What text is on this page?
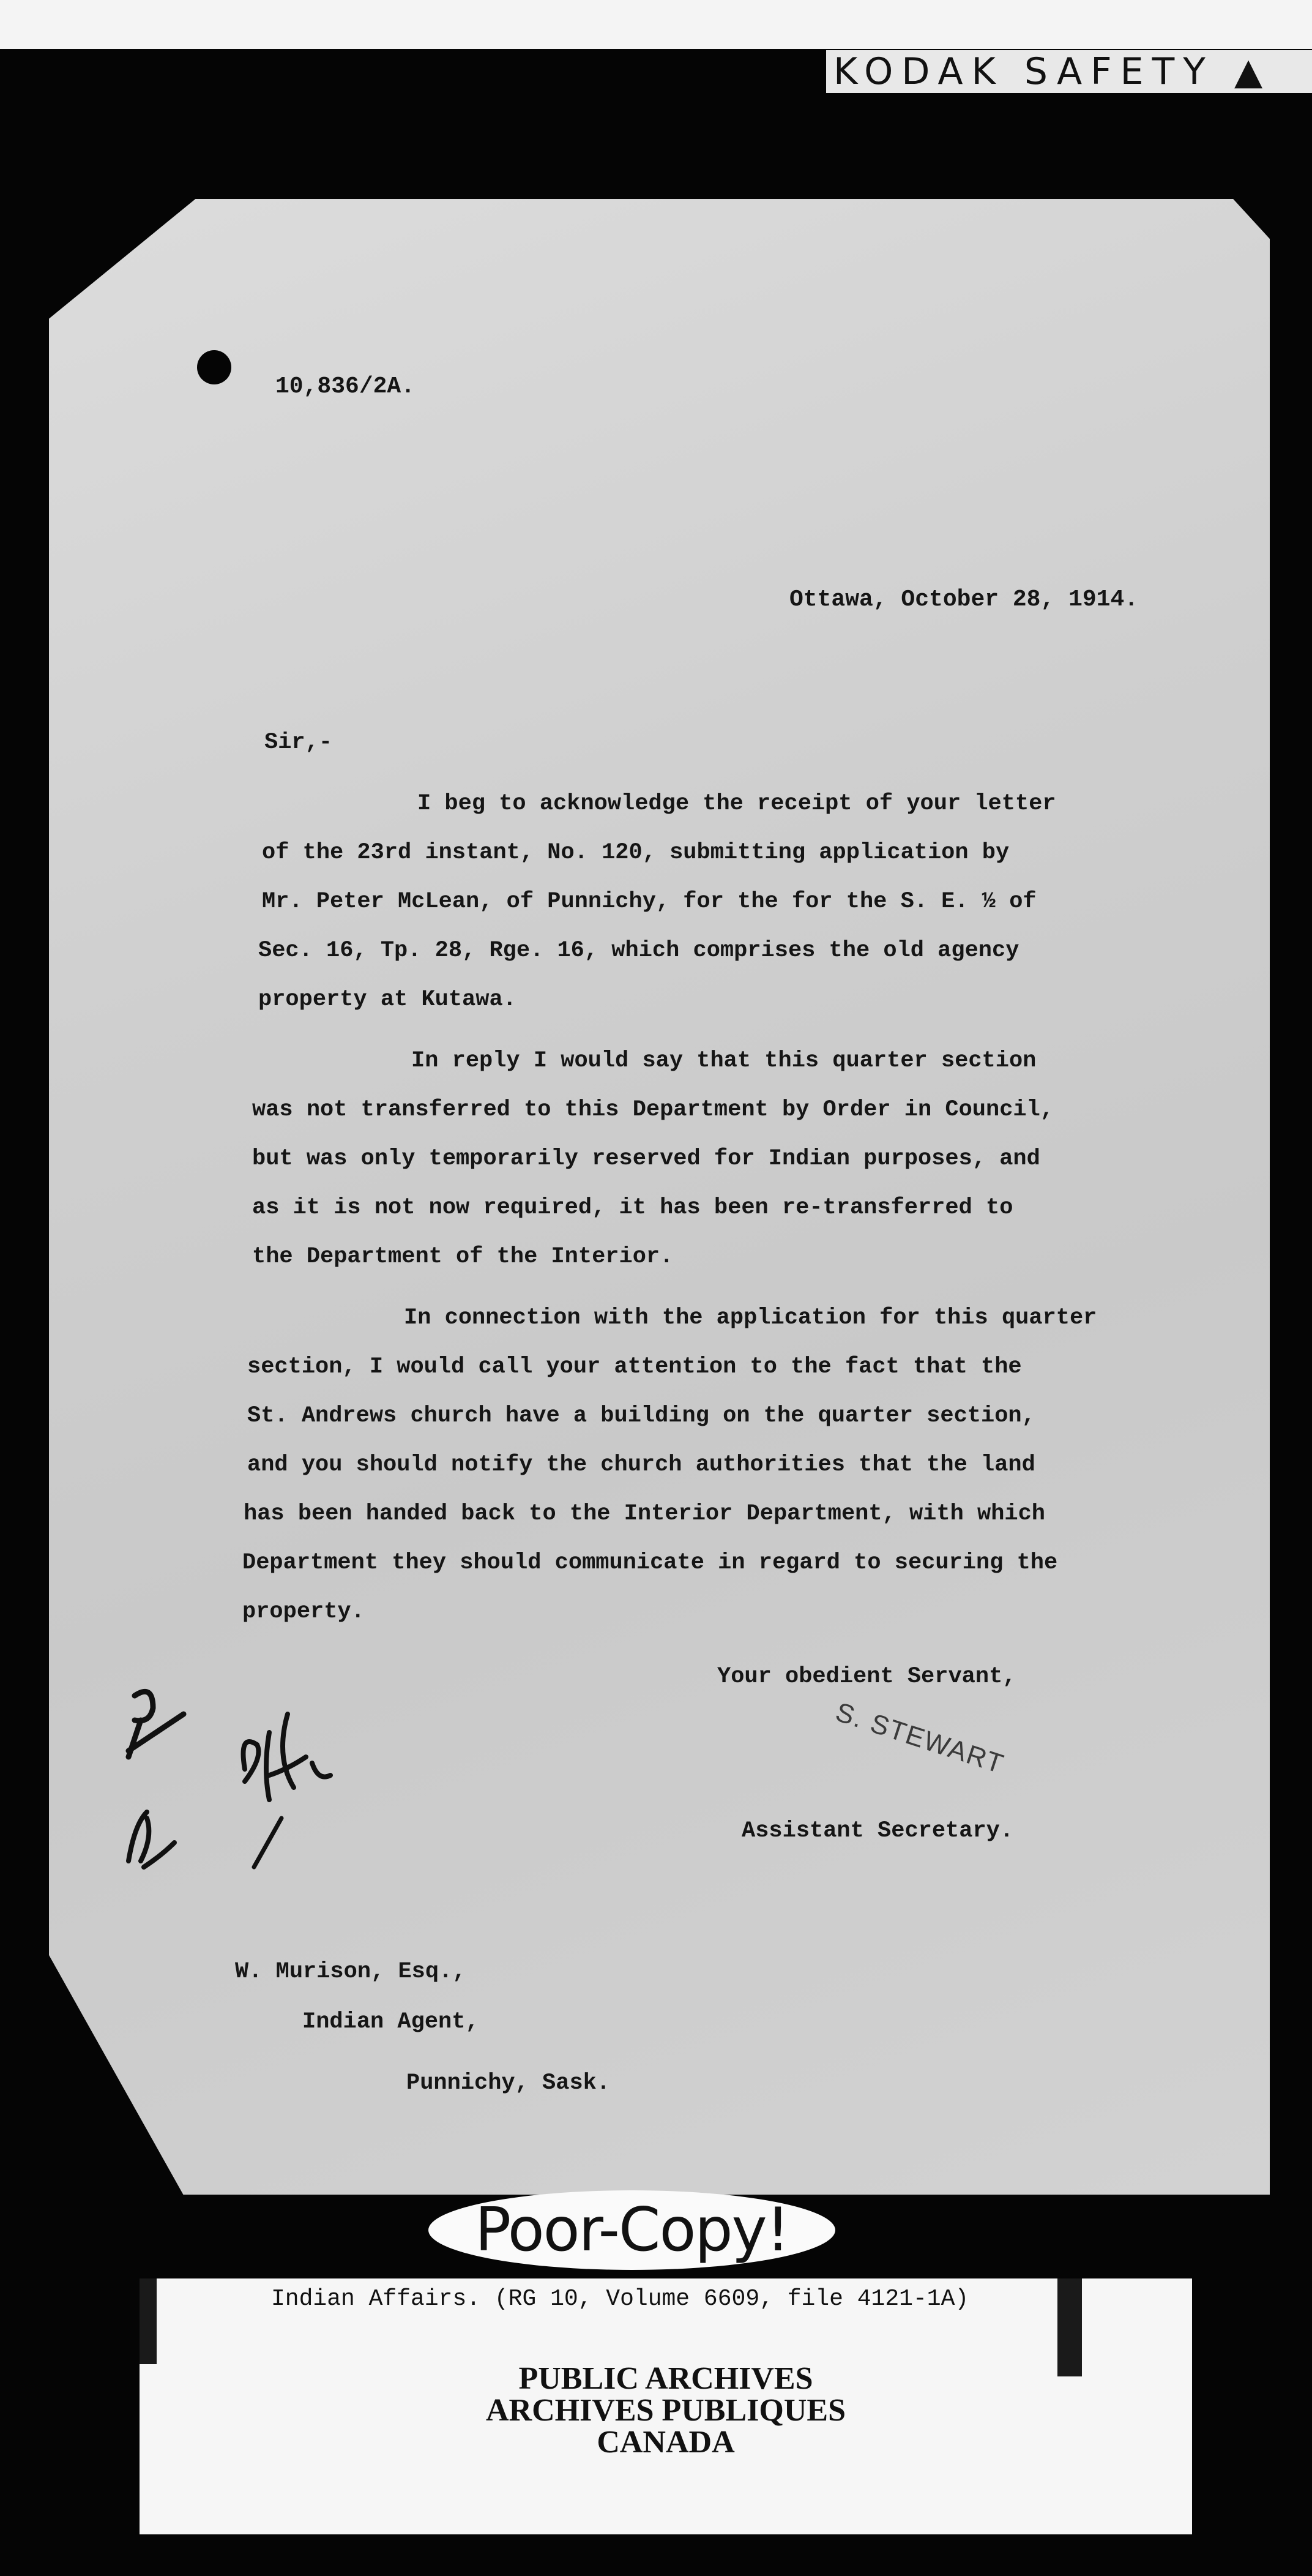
KODAK SAFETY ▲
10,836/2A.
Ottawa, October 28, 1914.
Sir,-
I beg to acknowledge the receipt of your letter
of the 23rd instant, No. 120, submitting application by
Mr. Peter McLean, of Punnichy, for the for the S. E. ½ of
Sec. 16, Tp. 28, Rge. 16, which comprises the old agency
property at Kutawa.
In reply I would say that this quarter section
was not transferred to this Department by Order in Council,
but was only temporarily reserved for Indian purposes, and
as it is not now required, it has been re-transferred to
the Department of the Interior.
In connection with the application for this quarter
section, I would call your attention to the fact that the
St. Andrews church have a building on the quarter section,
and you should notify the church authorities that the land
has been handed back to the Interior Department, with which
Department they should communicate in regard to securing the
property.
Your obedient Servant,
S. STEWART
Assistant Secretary.
W. Murison, Esq.,
Indian Agent,
Punnichy, Sask.
Poor-Copy!
Indian Affairs. (RG 10, Volume 6609, file 4121-1A)
PUBLIC ARCHIVES
ARCHIVES PUBLIQUES
CANADA
